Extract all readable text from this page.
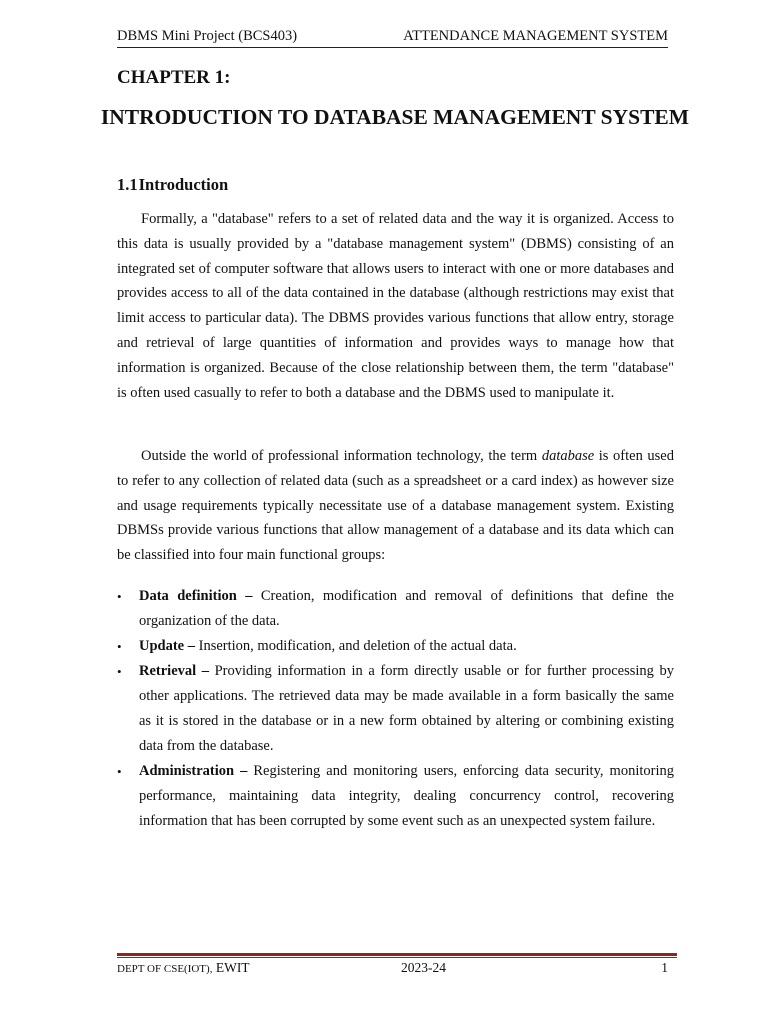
DBMS Mini Project (BCS403)	ATTENDANCE MANAGEMENT SYSTEM
CHAPTER 1:
INTRODUCTION TO DATABASE MANAGEMENT SYSTEM
1.1Introduction

Formally, a "database" refers to a set of related data and the way it is organized. Access to this data is usually provided by a "database management system" (DBMS) consisting of an integrated set of computer software that allows users to interact with one or more databases and provides access to all of the data contained in the database (although restrictions may exist that limit access to particular data). The DBMS provides various functions that allow entry, storage and retrieval of large quantities of information and provides ways to manage how that information is organized. Because of the close relationship between them, the term "database" is often used casually to refer to both a database and the DBMS used to manipulate it.

Outside the world of professional information technology, the term database is often used to refer to any collection of related data (such as a spreadsheet or a card index) as however size and usage requirements typically necessitate use of a database management system. Existing DBMSs provide various functions that allow management of a database and its data which can be classified into four main functional groups:

• Data definition – Creation, modification and removal of definitions that define the organization of the data.
• Update – Insertion, modification, and deletion of the actual data.
• Retrieval – Providing information in a form directly usable or for further processing by other applications. The retrieved data may be made available in a form basically the same as it is stored in the database or in a new form obtained by altering or combining existing data from the database.
• Administration – Registering and monitoring users, enforcing data security, monitoring performance, maintaining data integrity, dealing concurrency control, recovering information that has been corrupted by some event such as an unexpected system failure.
DEPT OF CSE(IOT), EWIT	2023-24	1
